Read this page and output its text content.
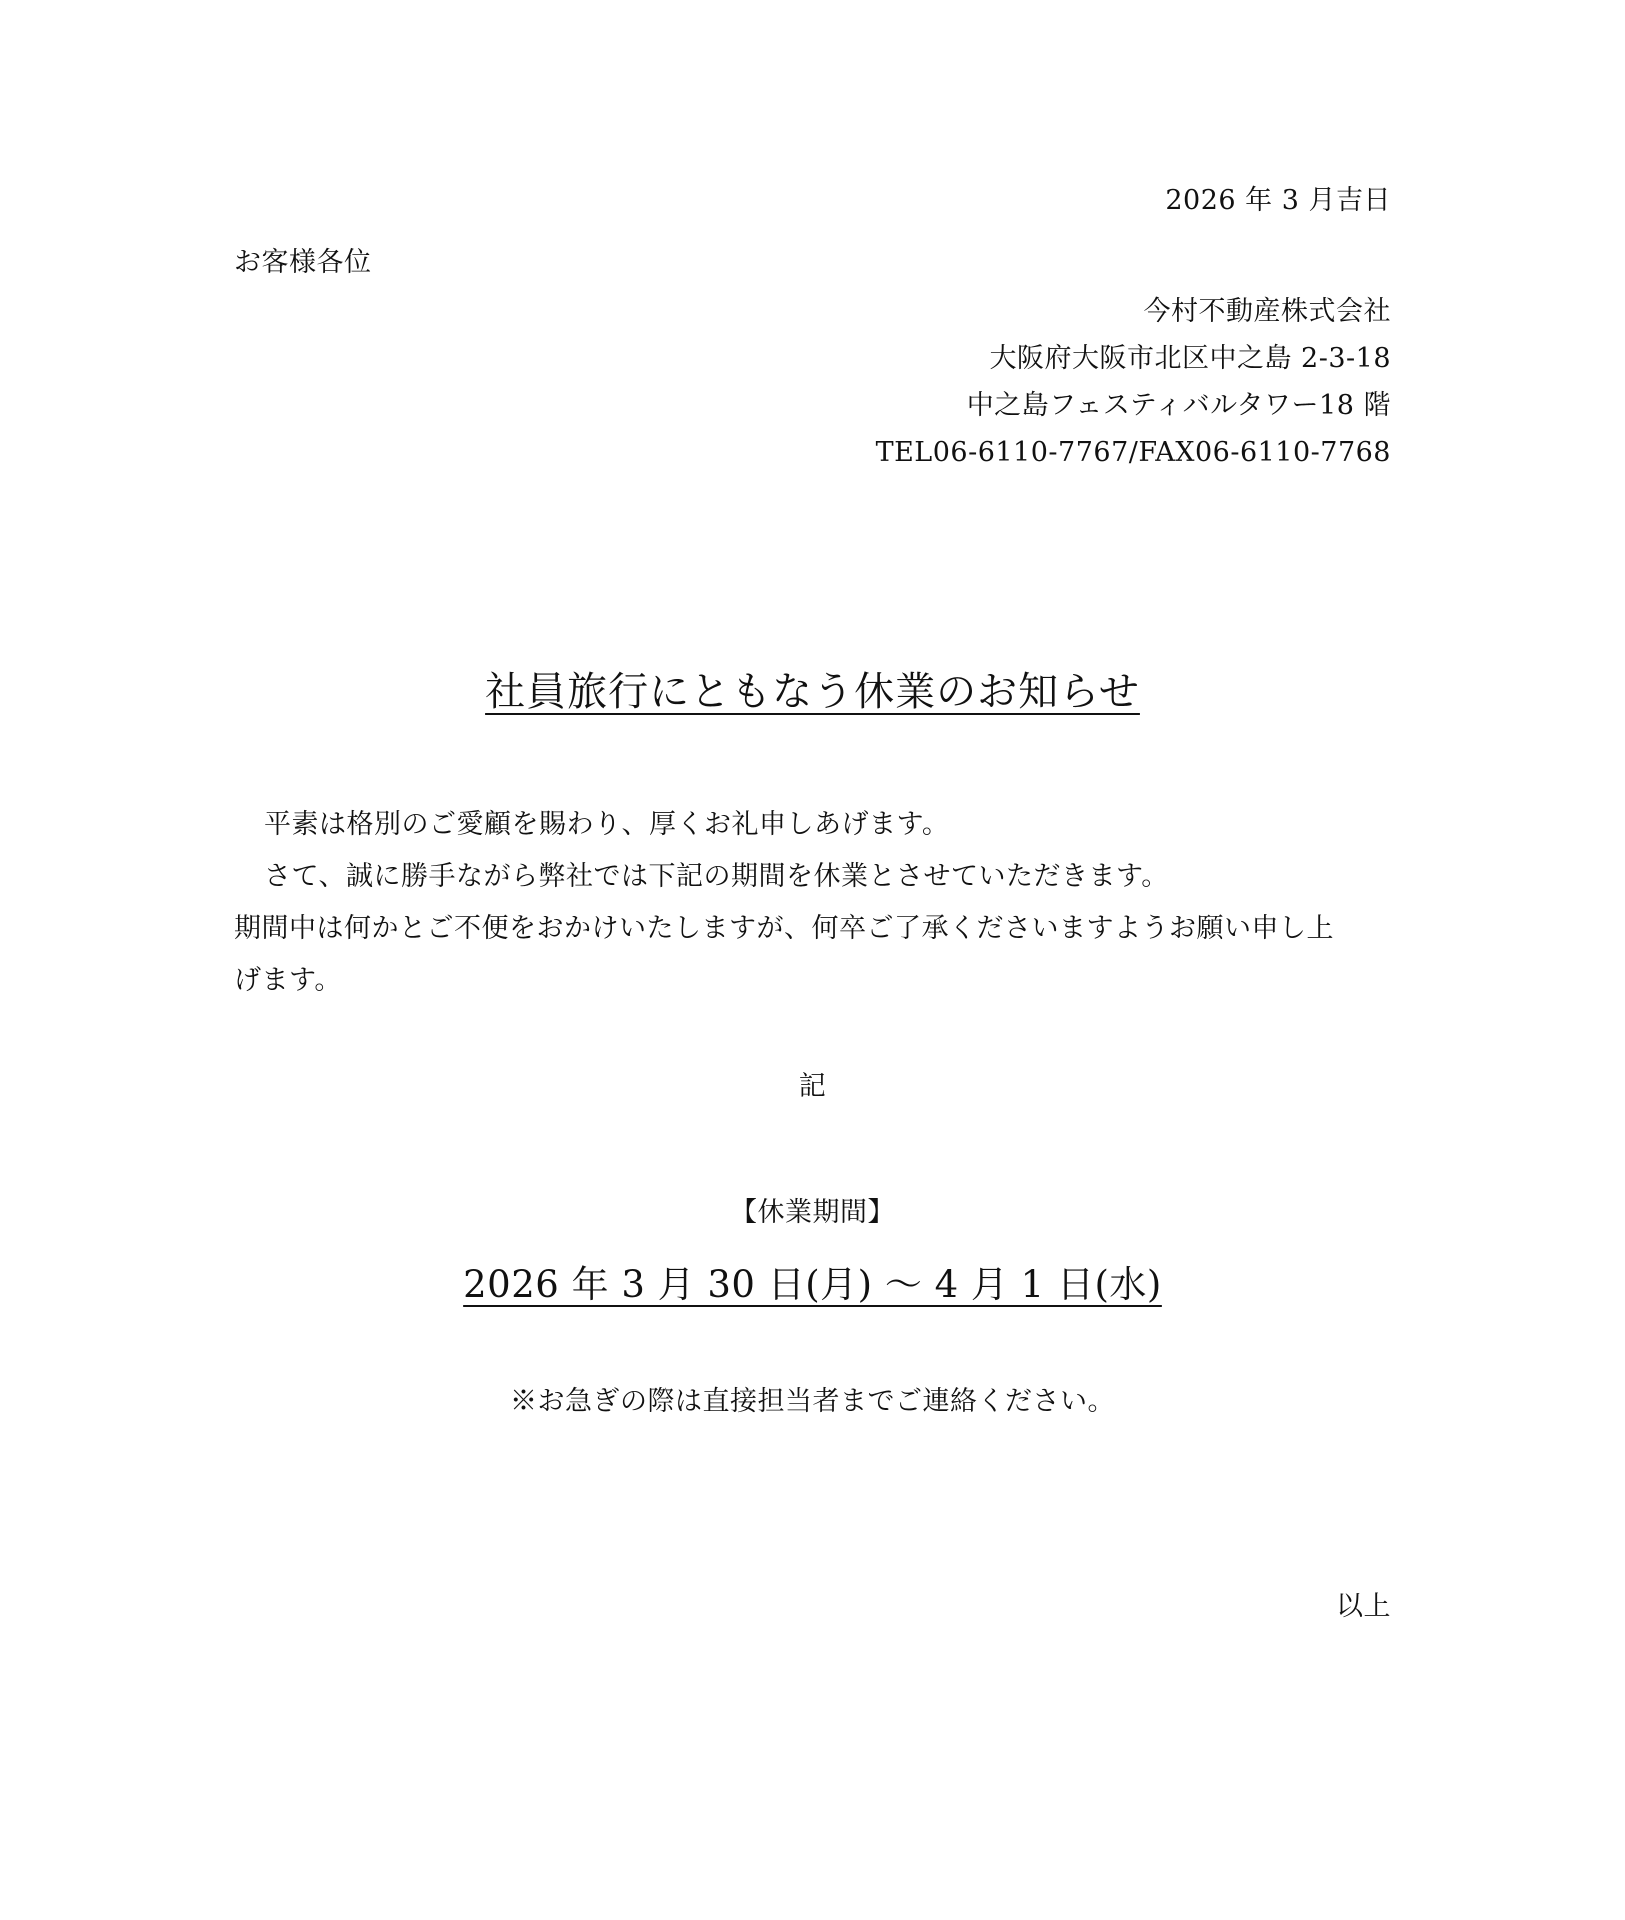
2026 年 3 月吉日
お客様各位
今村不動産株式会社
大阪府大阪市北区中之島 2-3-18
中之島フェスティバルタワー18 階
TEL06-6110-7767/FAX06-6110-7768
社員旅行にともなう休業のお知らせ
平素は格別のご愛顧を賜わり、厚くお礼申しあげます。
さて、誠に勝手ながら弊社では下記の期間を休業とさせていただきます。
期間中は何かとご不便をおかけいたしますが、何卒ご了承くださいますようお願い申し上
げます。
記
【休業期間】
2026 年 3 月 30 日(月) ～ 4 月 1 日(水)
※お急ぎの際は直接担当者までご連絡ください。
以上
